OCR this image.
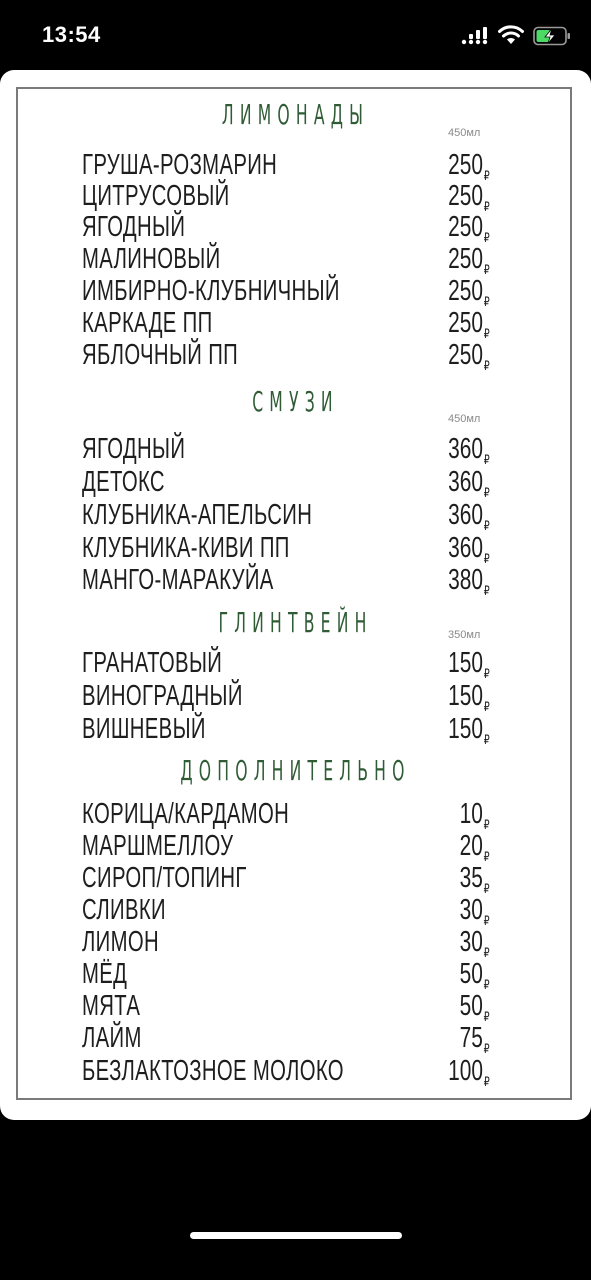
13:54
ЛИМОНАДЫ
450мл
ГРУША-РОЗМАРИН	$250_₽$
ЦИТРУСОВЫЙ	$250_₽$
ЯГОДНЫЙ	$250_₽$
МАЛИНОВЫЙ	$250_₽$
ИМБИРНО-КЛУБНИЧНЫЙ	$250_₽$
КАРКАДЕ ПП	$250_₽$
ЯБЛОЧНЫЙ ПП	$250_₽$
СМУЗИ
450мл
ЯГОДНЫЙ	$360_₽$
ДЕТОКС	$360_₽$
КЛУБНИКА-АПЕЛЬСИН	$360_₽$
КЛУБНИКА-КИВИ ПП	$360_₽$
МАНГО-МАРАКУЙА	$380_₽$
ГЛИНТВЕЙН	350мл
ГРАНАТОВЫЙ	$150_₽$
ВИНОГРАДНЫЙ	$150_₽$
ВИШНЕВЫЙ	$150_₽$
ДОПОЛНИТЕЛЬНО
КОРИЦА/КАРДАМОН	$10_₽$
МАРШМЕЛЛОУ	$20_₽$
СИРОП/ТОПИНГ	$35_₽$
СЛИВКИ	$30_₽$
ЛИМОН	$30_₽$
МЁД	$50_₽$
МЯТА	$50_₽$
ЛАЙМ	$75_₽$
БЕЗЛАКТОЗНОЕ МОЛОКО	$100_₽$
